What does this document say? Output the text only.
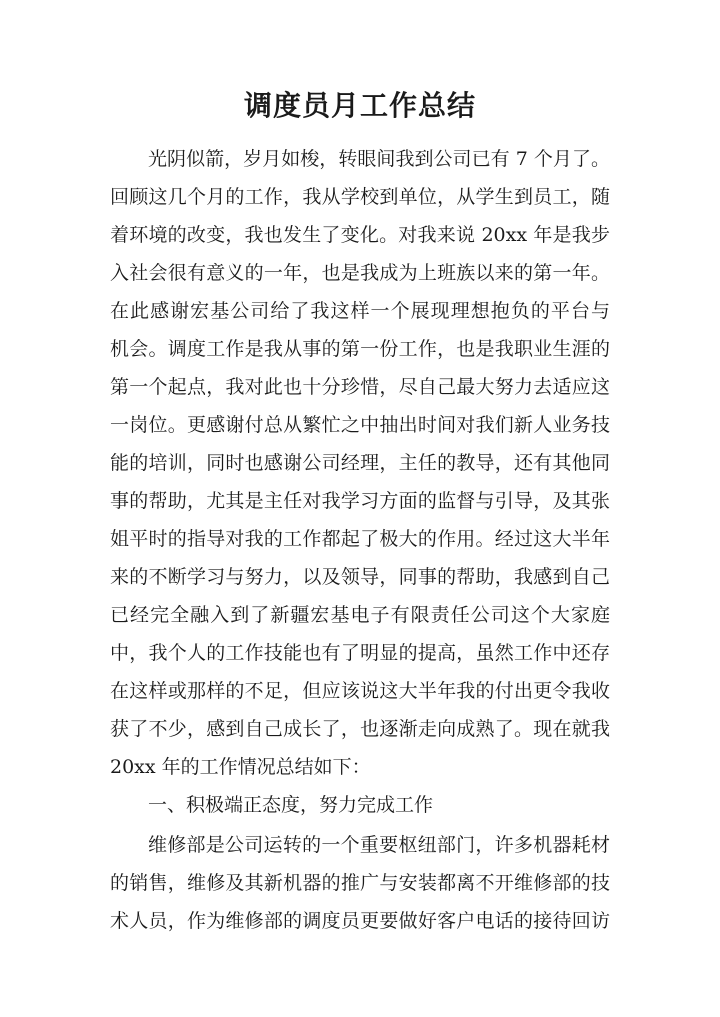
调度员月工作总结

光阴似箭，岁月如梭，转眼间我到公司已有 7 个月了。

回顾这几个月的工作，我从学校到单位，从学生到员工，随

着环境的改变，我也发生了变化。对我来说 20xx 年是我步

入社会很有意义的一年，也是我成为上班族以来的第一年。

在此感谢宏基公司给了我这样一个展现理想抱负的平台与

机会。调度工作是我从事的第一份工作，也是我职业生涯的

第一个起点，我对此也十分珍惜，尽自己最大努力去适应这

一岗位。更感谢付总从繁忙之中抽出时间对我们新人业务技

能的培训，同时也感谢公司经理，主任的教导，还有其他同

事的帮助，尤其是主任对我学习方面的监督与引导，及其张

姐平时的指导对我的工作都起了极大的作用。经过这大半年

来的不断学习与努力，以及领导，同事的帮助，我感到自己

已经完全融入到了新疆宏基电子有限责任公司这个大家庭

中，我个人的工作技能也有了明显的提高，虽然工作中还存

在这样或那样的不足，但应该说这大半年我的付出更令我收

获了不少，感到自己成长了，也逐渐走向成熟了。现在就我

20xx 年的工作情况总结如下：

一、积极端正态度，努力完成工作

维修部是公司运转的一个重要枢纽部门，许多机器耗材

的销售，维修及其新机器的推广与安装都离不开维修部的技

术人员，作为维修部的调度员更要做好客户电话的接待回访
